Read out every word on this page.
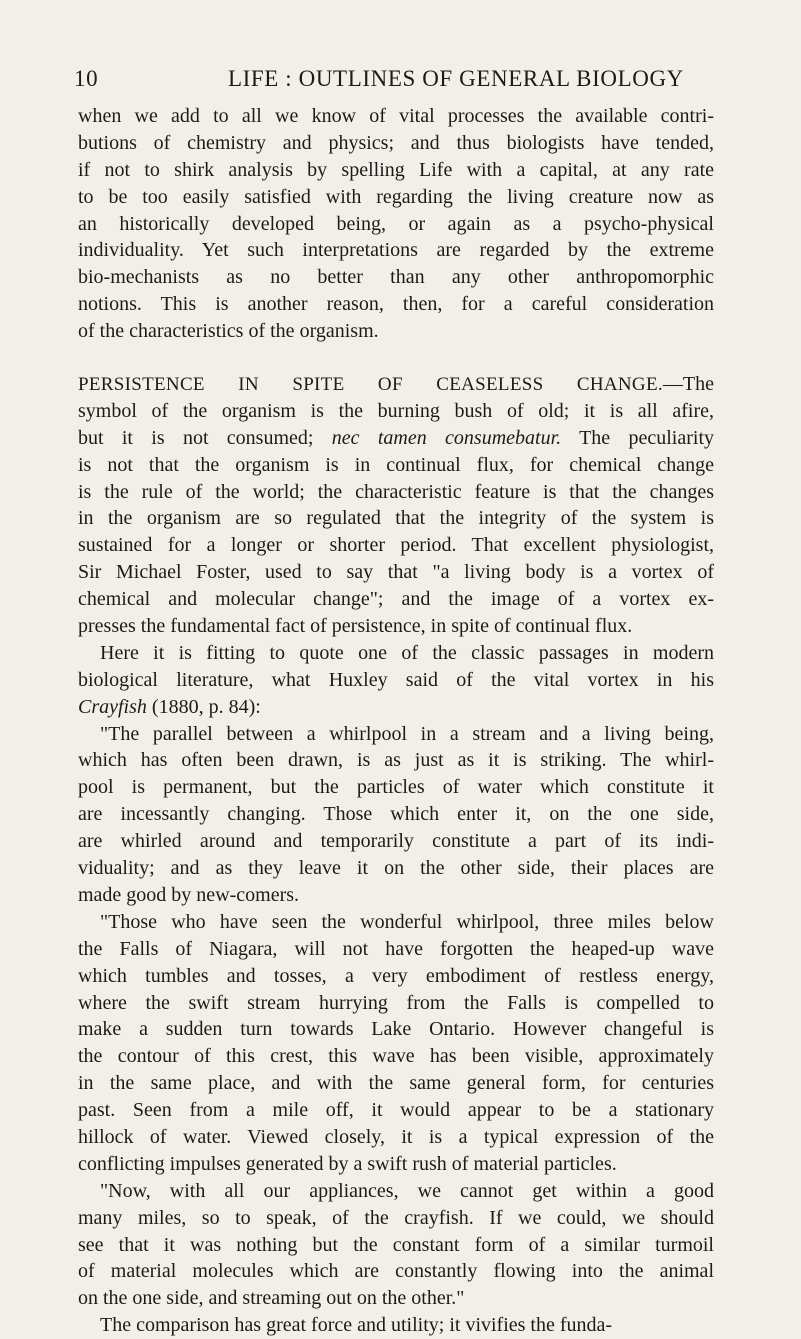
10	LIFE : OUTLINES OF GENERAL BIOLOGY
when we add to all we know of vital processes the available contri-
butions of chemistry and physics; and thus biologists have tended,
if not to shirk analysis by spelling Life with a capital, at any rate
to be too easily satisfied with regarding the living creature now as
an historically developed being, or again as a psycho-physical
individuality. Yet such interpretations are regarded by the extreme
bio-mechanists as no better than any other anthropomorphic
notions. This is another reason, then, for a careful consideration
of the characteristics of the organism.
PERSISTENCE IN SPITE OF CEASELESS CHANGE.—The
symbol of the organism is the burning bush of old; it is all afire,
but it is not consumed; nec tamen consumebatur. The peculiarity
is not that the organism is in continual flux, for chemical change
is the rule of the world; the characteristic feature is that the changes
in the organism are so regulated that the integrity of the system is
sustained for a longer or shorter period. That excellent physiologist,
Sir Michael Foster, used to say that "a living body is a vortex of
chemical and molecular change"; and the image of a vortex ex-
presses the fundamental fact of persistence, in spite of continual flux.
Here it is fitting to quote one of the classic passages in modern
biological literature, what Huxley said of the vital vortex in his
Crayfish (1880, p. 84):
"The parallel between a whirlpool in a stream and a living being,
which has often been drawn, is as just as it is striking. The whirl-
pool is permanent, but the particles of water which constitute it
are incessantly changing. Those which enter it, on the one side,
are whirled around and temporarily constitute a part of its indi-
viduality; and as they leave it on the other side, their places are
made good by new-comers.
"Those who have seen the wonderful whirlpool, three miles below
the Falls of Niagara, will not have forgotten the heaped-up wave
which tumbles and tosses, a very embodiment of restless energy,
where the swift stream hurrying from the Falls is compelled to
make a sudden turn towards Lake Ontario. However changeful is
the contour of this crest, this wave has been visible, approximately
in the same place, and with the same general form, for centuries
past. Seen from a mile off, it would appear to be a stationary
hillock of water. Viewed closely, it is a typical expression of the
conflicting impulses generated by a swift rush of material particles.
"Now, with all our appliances, we cannot get within a good
many miles, so to speak, of the crayfish. If we could, we should
see that it was nothing but the constant form of a similar turmoil
of material molecules which are constantly flowing into the animal
on the one side, and streaming out on the other."
The comparison has great force and utility; it vivifies the funda-
